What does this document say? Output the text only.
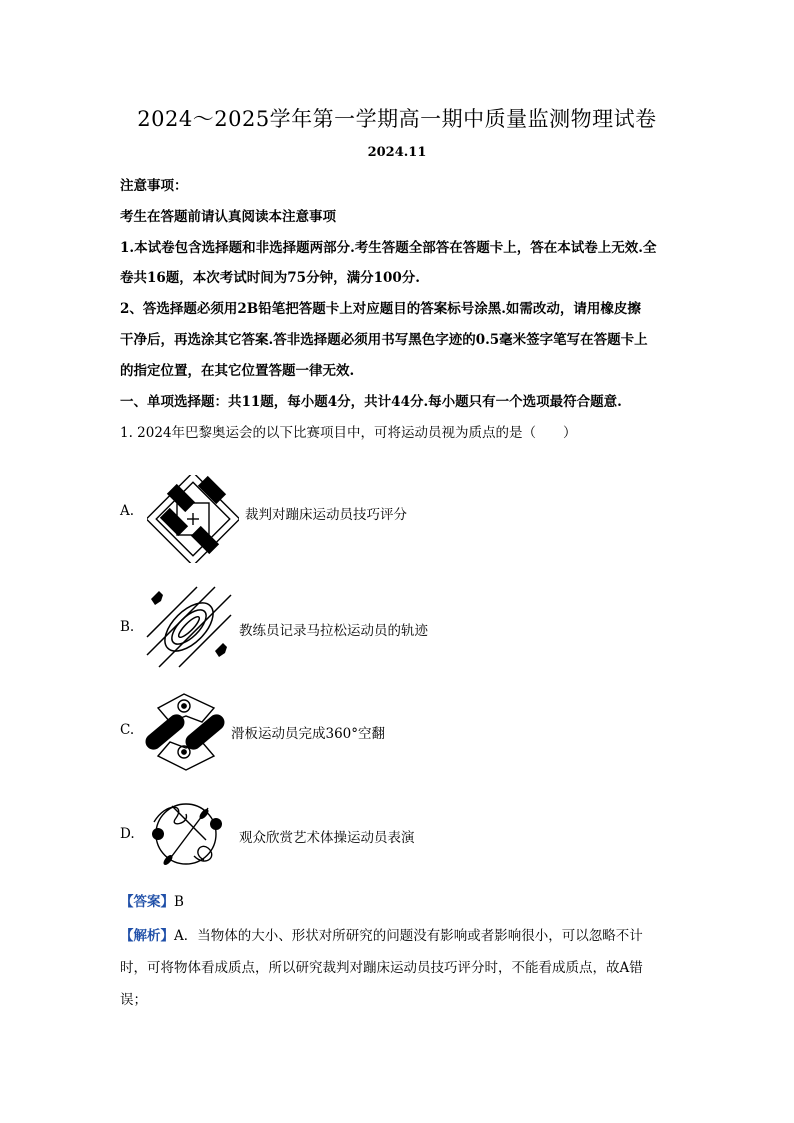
2024～2025学年第一学期高一期中质量监测物理试卷
2024.11
注意事项：
考生在答题前请认真阅读本注意事项
1.本试卷包含选择题和非选择题两部分.考生答题全部答在答题卡上，答在本试卷上无效.全
卷共16题，本次考试时间为75分钟，满分100分.
2、答选择题必须用2B铅笔把答题卡上对应题目的答案标号涂黑.如需改动，请用橡皮擦
干净后，再选涂其它答案.答非选择题必须用书写黑色字迹的0.5毫米签字笔写在答题卡上
的指定位置，在其它位置答题一律无效.
一、单项选择题：共11题，每小题4分，共计44分.每小题只有一个选项最符合题意.
1. 2024年巴黎奥运会的以下比赛项目中，可将运动员视为质点的是（　　）
A.	裁判对蹦床运动员技巧评分
B.	教练员记录马拉松运动员的轨迹
C.	滑板运动员完成360°空翻
D.	观众欣赏艺术体操运动员表演
【答案】B
【解析】A．当物体的大小、形状对所研究的问题没有影响或者影响很小，可以忽略不计
时，可将物体看成质点，所以研究裁判对蹦床运动员技巧评分时，不能看成质点，故A错
误；
